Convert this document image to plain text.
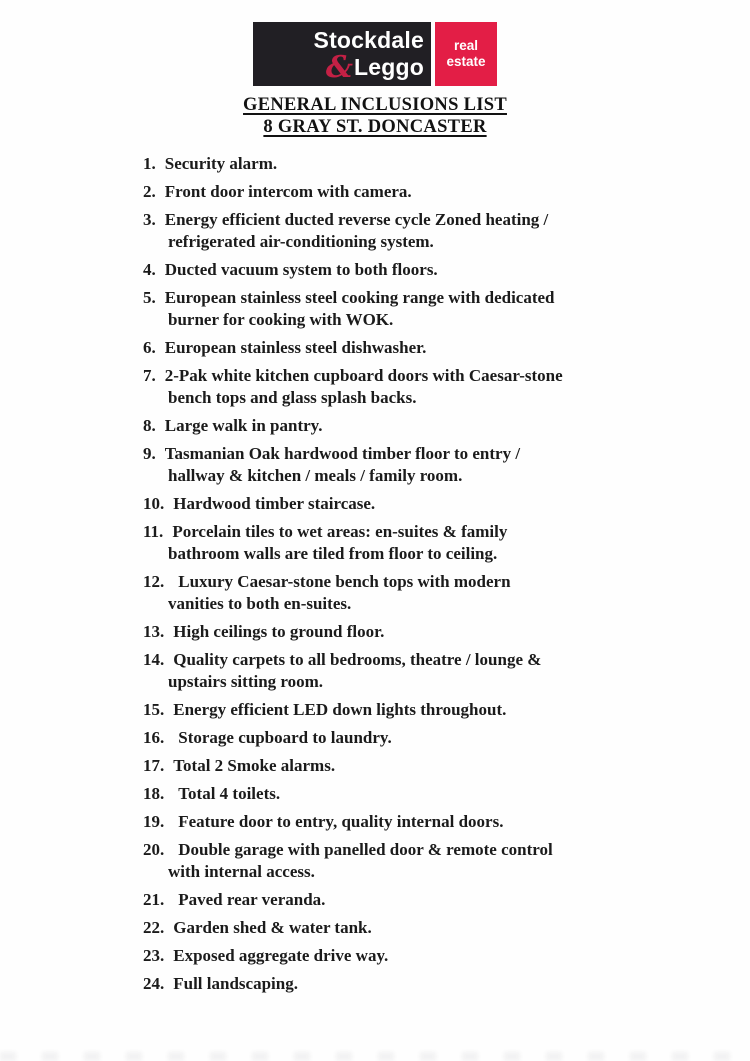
Stockdale
& Leggo
real
estate
GENERAL INCLUSIONS LIST
8 GRAY ST. DONCASTER
1. Security alarm.
2. Front door intercom with camera.
3. Energy efficient ducted reverse cycle Zoned heating /
refrigerated air-conditioning system.
4. Ducted vacuum system to both floors.
5. European stainless steel cooking range with dedicated
burner for cooking with WOK.
6. European stainless steel dishwasher.
7. 2-Pak white kitchen cupboard doors with Caesar-stone
bench tops and glass splash backs.
8. Large walk in pantry.
9. Tasmanian Oak hardwood timber floor to entry /
hallway & kitchen / meals / family room.
10. Hardwood timber staircase.
11. Porcelain tiles to wet areas: en-suites & family
bathroom walls are tiled from floor to ceiling.
12. Luxury Caesar-stone bench tops with modern
vanities to both en-suites.
13. High ceilings to ground floor.
14. Quality carpets to all bedrooms, theatre / lounge &
upstairs sitting room.
15. Energy efficient LED down lights throughout.
16. Storage cupboard to laundry.
17. Total 2 Smoke alarms.
18. Total 4 toilets.
19. Feature door to entry, quality internal doors.
20. Double garage with panelled door & remote control
with internal access.
21. Paved rear veranda.
22. Garden shed & water tank.
23. Exposed aggregate drive way.
24. Full landscaping.
